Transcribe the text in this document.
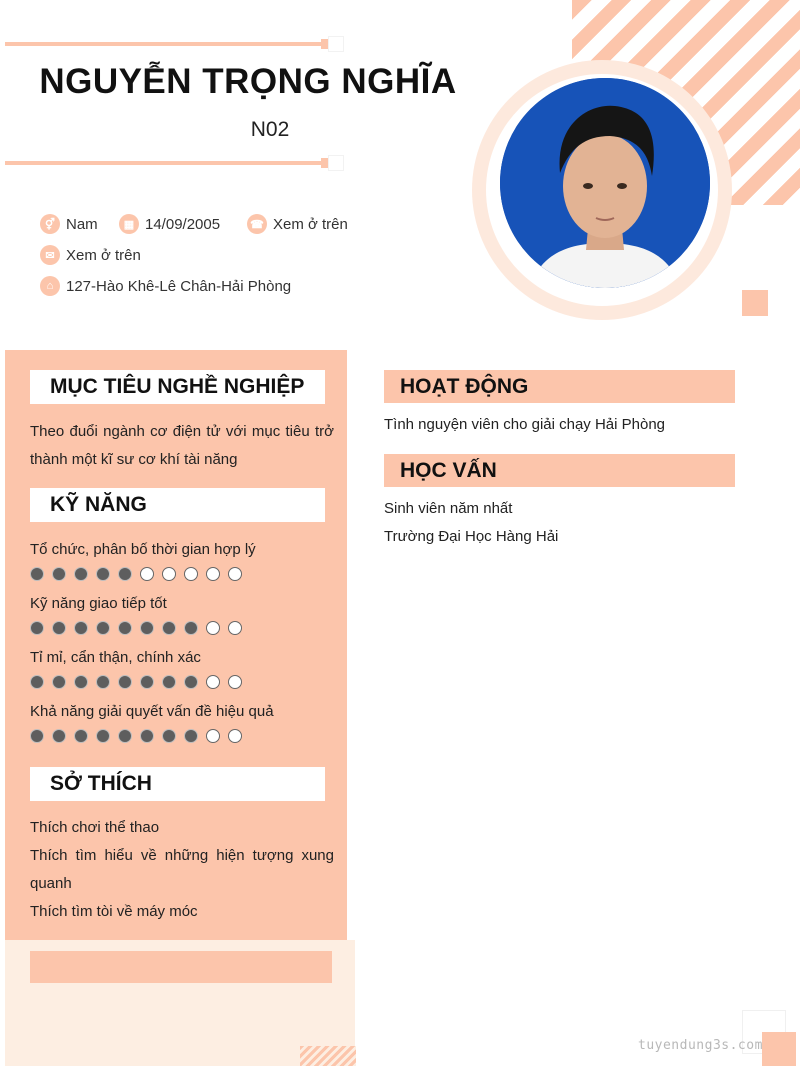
NGUYỄN TRỌNG NGHĨA
N02
⚥ Nam	▦ 14/09/2005	☎ Xem ở trên
✉ Xem ở trên
⌂ 127-Hào Khê-Lê Chân-Hải Phòng
MỤC TIÊU NGHỀ NGHIỆP
Theo đuổi ngành cơ điện tử với mục tiêu trở thành một kĩ sư cơ khí tài năng
KỸ NĂNG
Tổ chức, phân bố thời gian hợp lý
Kỹ năng giao tiếp tốt
Tỉ mỉ, cẩn thận, chính xác
Khả năng giải quyết vấn đề hiệu quả
SỞ THÍCH
Thích chơi thể thao
Thích tìm hiểu về những hiện tượng xung quanh
Thích tìm tòi về máy móc
HOẠT ĐỘNG
Tình nguyện viên cho giải chạy Hải Phòng
HỌC VẤN
Sinh viên năm nhất
Trường Đại Học Hàng Hải
tuyendung3s.com
